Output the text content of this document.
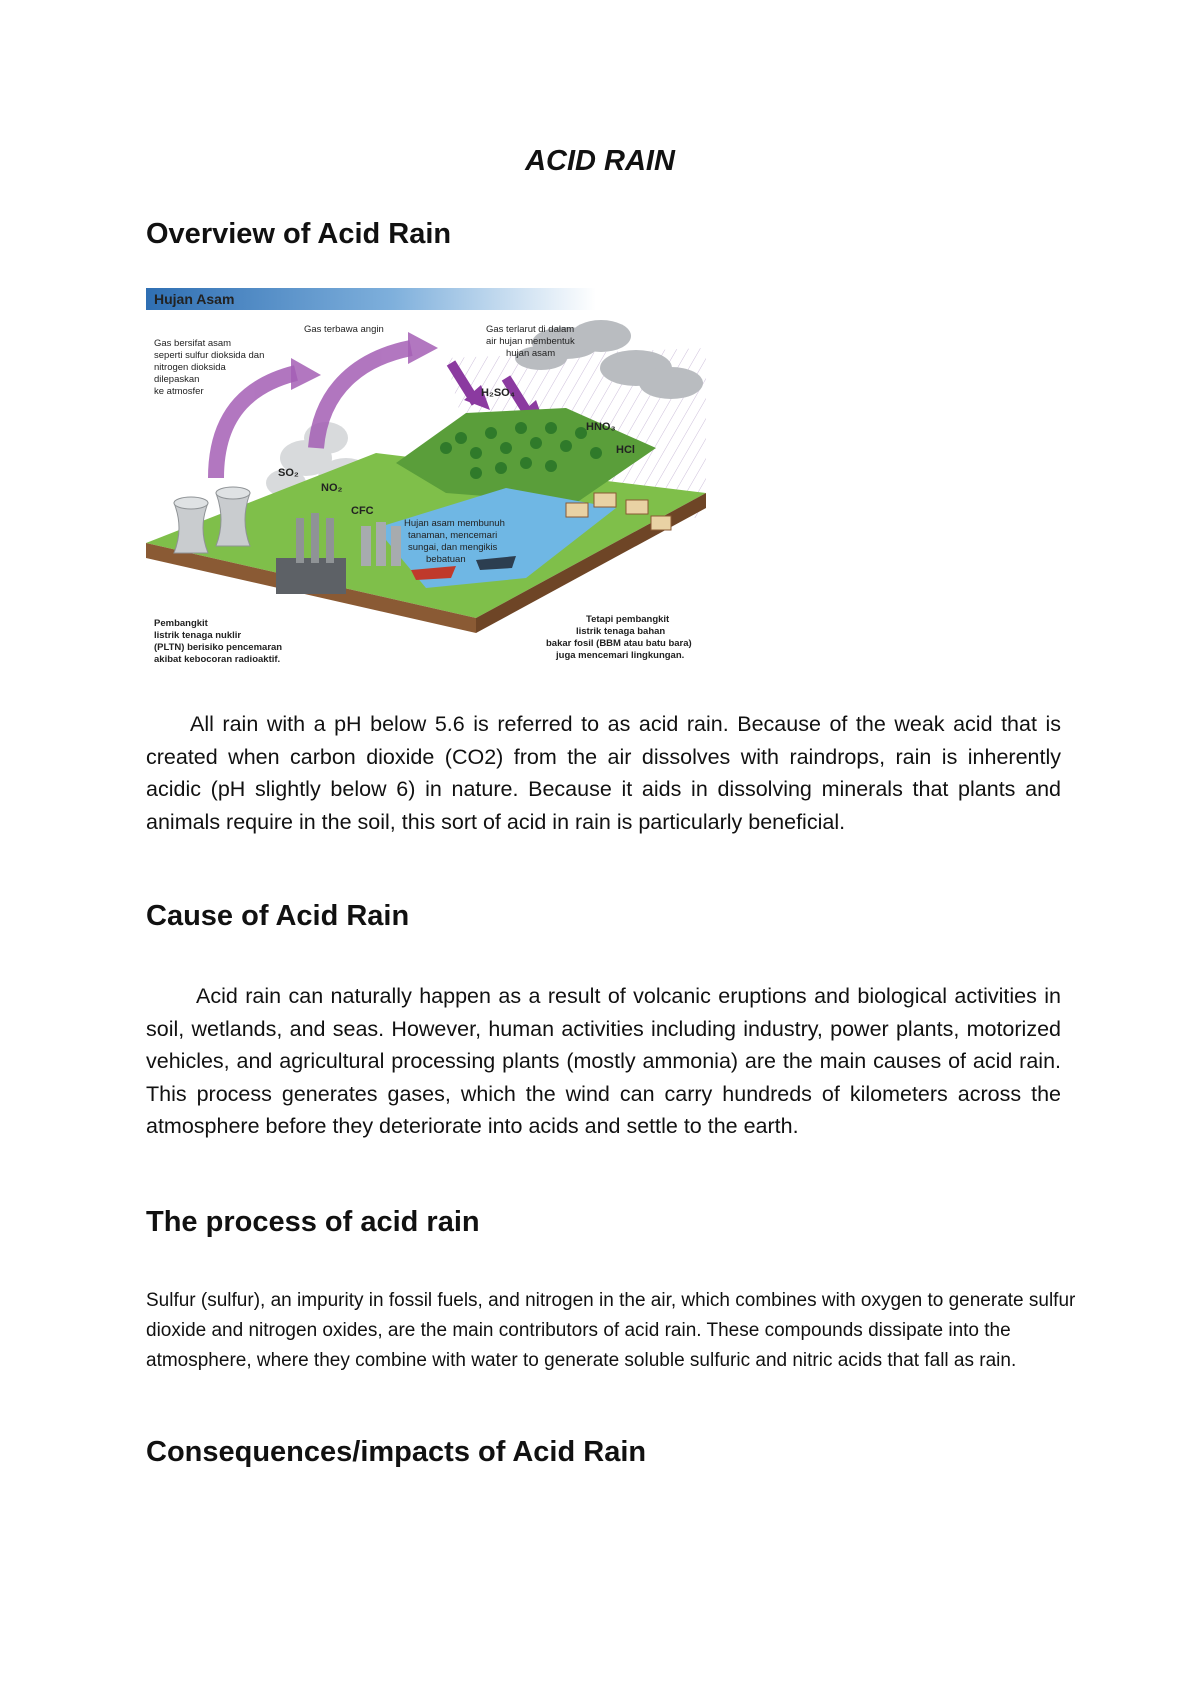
ACID RAIN
Overview of Acid Rain
Hujan Asam
Gas bersifat asam
seperti sulfur dioksida dan
nitrogen dioksida
dilepaskan
ke atmosfer
Gas terbawa angin	Gas terlarut di dalam
air hujan membentuk
hujan asam
Hujan asam membunuh
tanaman, mencemari
sungai, dan mengikis
bebatuan
Pembangkit
listrik tenaga nuklir
(PLTN) berisiko pencemaran
akibat kebocoran radioaktif.
Tetapi pembangkit
listrik tenaga bahan
bakar fosil (BBM atau batu bara)
juga mencemari lingkungan.
SO₂
NO₂
CFC
H₂SO₄
HNO₃
HCl

All rain with a pH below 5.6 is referred to as acid rain. Because of the weak acid that is created when carbon dioxide (CO2) from the air dissolves with raindrops, rain is inherently acidic (pH slightly below 6) in nature. Because it aids in dissolving minerals that plants and animals require in the soil, this sort of acid in rain is particularly beneficial.

Cause of Acid Rain

Acid rain can naturally happen as a result of volcanic eruptions and biological activities in soil, wetlands, and seas. However, human activities including industry, power plants, motorized vehicles, and agricultural processing plants (mostly ammonia) are the main causes of acid rain. This process generates gases, which the wind can carry hundreds of kilometers across the atmosphere before they deteriorate into acids and settle to the earth.

The process of acid rain

Sulfur (sulfur), an impurity in fossil fuels, and nitrogen in the air, which combines with oxygen to generate sulfur dioxide and nitrogen oxides, are the main contributors of acid rain. These compounds dissipate into the atmosphere, where they combine with water to generate soluble sulfuric and nitric acids that fall as rain.

Consequences/impacts of Acid Rain
